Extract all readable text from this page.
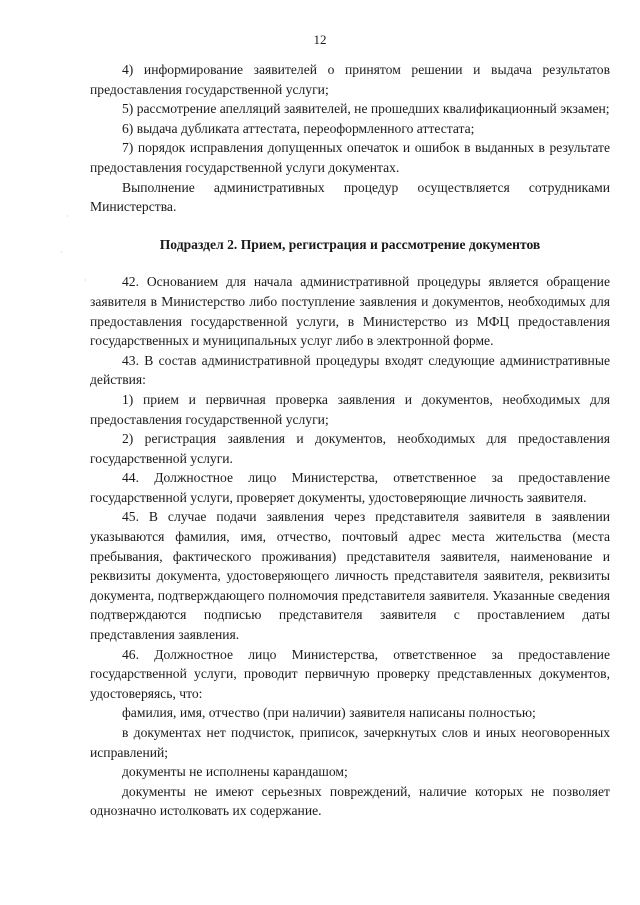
12
·
·
·

4) информирование заявителей о принятом решении и выдача результатов предоставления государственной услуги;

5) рассмотрение апелляций заявителей, не прошедших квалификационный экзамен;

6) выдача дубликата аттестата, переоформленного аттестата;

7) порядок исправления допущенных опечаток и ошибок в выданных в результате предоставления государственной услуги документах.

Выполнение административных процедур осуществляется сотрудниками Министерства.

Подраздел 2. Прием, регистрация и рассмотрение документов

42. Основанием для начала административной процедуры является обращение заявителя в Министерство либо поступление заявления и документов, необходимых для предоставления государственной услуги, в Министерство из МФЦ предоставления государственных и муниципальных услуг либо в электронной форме.

43. В состав административной процедуры входят следующие административные действия:

1) прием и первичная проверка заявления и документов, необходимых для предоставления государственной услуги;

2) регистрация заявления и документов, необходимых для предоставления государственной услуги.

44. Должностное лицо Министерства, ответственное за предоставление государственной услуги, проверяет документы, удостоверяющие личность заявителя.

45. В случае подачи заявления через представителя заявителя в заявлении указываются фамилия, имя, отчество, почтовый адрес места жительства (места пребывания, фактического проживания) представителя заявителя, наименование и реквизиты документа, удостоверяющего личность представителя заявителя, реквизиты документа, подтверждающего полномочия представителя заявителя. Указанные сведения подтверждаются подписью представителя заявителя с проставлением даты представления заявления.

46. Должностное лицо Министерства, ответственное за предоставление государственной услуги, проводит первичную проверку представленных документов, удостоверяясь, что:

фамилия, имя, отчество (при наличии) заявителя написаны полностью;

в документах нет подчисток, приписок, зачеркнутых слов и иных неоговоренных исправлений;

документы не исполнены карандашом;

документы не имеют серьезных повреждений, наличие которых не позволяет однозначно истолковать их содержание.
